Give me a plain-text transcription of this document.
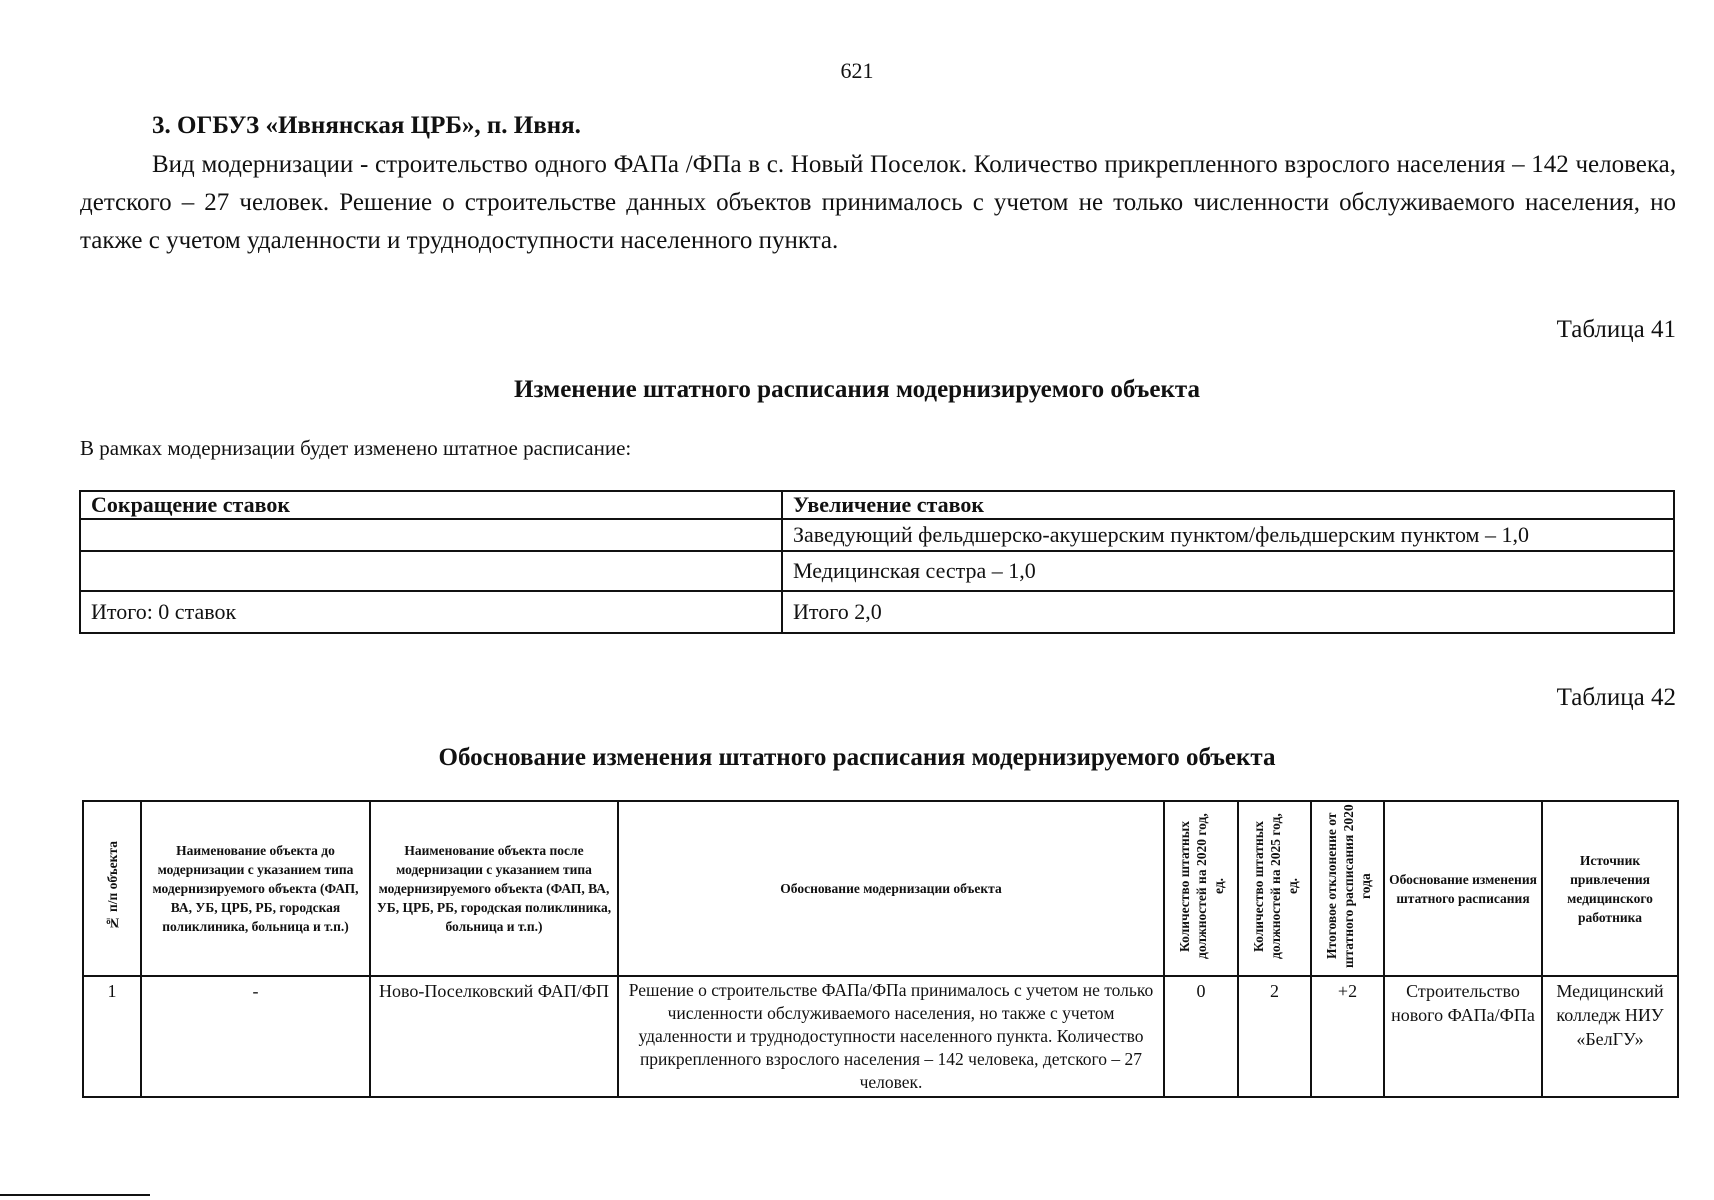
621
3. ОГБУЗ «Ивнянская ЦРБ», п. Ивня.

Вид модернизации - строительство одного ФАПа /ФПа в с. Новый Поселок. Количество прикрепленного взрослого населения – 142 человека, детского – 27 человек. Решение о строительстве данных объектов принималось с учетом не только численности обслуживаемого населения, но также с учетом удаленности и труднодоступности населенного пункта.

Таблица 41
Изменение штатного расписания модернизируемого объекта

В рамках модернизации будет изменено штатное расписание:

Сокращение ставок	Увеличение ставок
	Заведующий фельдшерско-акушерским пунктом/фельдшерским пунктом – 1,0
	Медицинская сестра – 1,0
Итого: 0 ставок	Итого 2,0
Таблица 42
Обоснование изменения штатного расписания модернизируемого объекта
№ п/п объекта	Наименование объекта до модернизации с указанием типа модернизируемого объекта (ФАП, ВА, УБ, ЦРБ, РБ, городская поликлиника, больница и т.п.)	Наименование объекта после модернизации с указанием типа модернизируемого объекта (ФАП, ВА, УБ, ЦРБ, РБ, городская поликлиника, больница и т.п.)	Обоснование модернизации объекта	Количество штатных должностей на 2020 год, ед.	Количество штатных должностей на 2025 год, ед.	Итоговое отклонение от штатного расписания 2020 года	Обоснование изменения штатного расписания	Источник привлечения медицинского работника
1	-	Ново-Поселковский ФАП/ФП	Решение о строительстве ФАПа/ФПа принималось с учетом не только численности обслуживаемого населения, но также с учетом удаленности и труднодоступности населенного пункта. Количество прикрепленного взрослого населения – 142 человека, детского – 27 человек.	0	2	+2	Строительство нового ФАПа/ФПа	Медицинский колледж НИУ «БелГУ»
